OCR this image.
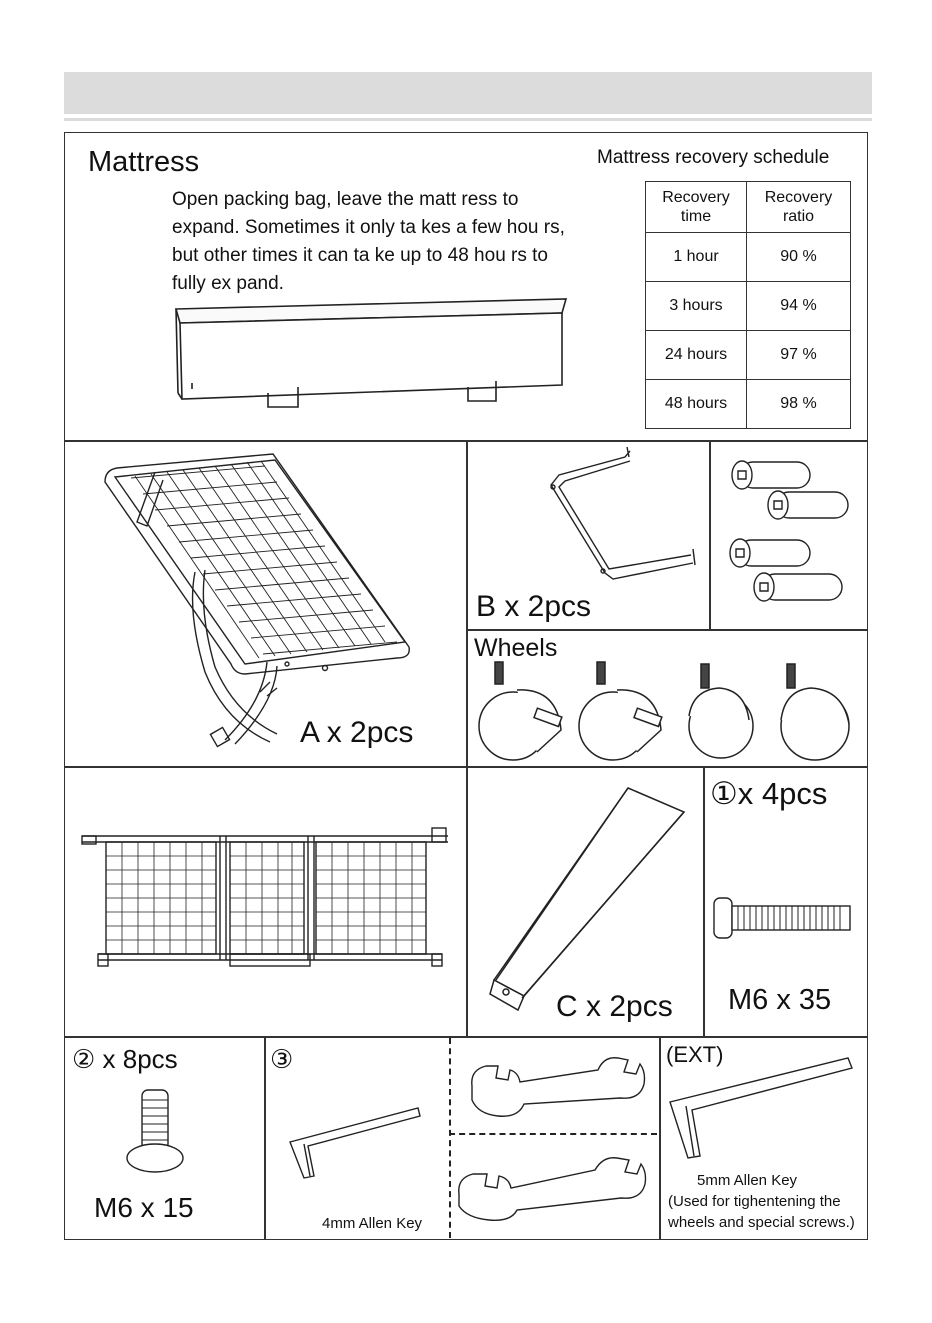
Mattress
Open packing bag, leave the matt ress to expand. Sometimes it only ta kes a few hou rs, but other times it can ta ke up to 48 hou rs to fully ex pand.
Mattress recovery schedule
Recovery time	Recovery ratio
1 hour	90 %
3 hours	94 %
24 hours	97 %
48 hours	98 %
A x 2pcs
B x 2pcs
Wheels
C x 2pcs
①x 4pcs
M6 x 35
② x 8pcs
M6 x 15
③
4mm Allen Key
(EXT)
5mm Allen Key
(Used for tighentening the
wheels and special screws.)
